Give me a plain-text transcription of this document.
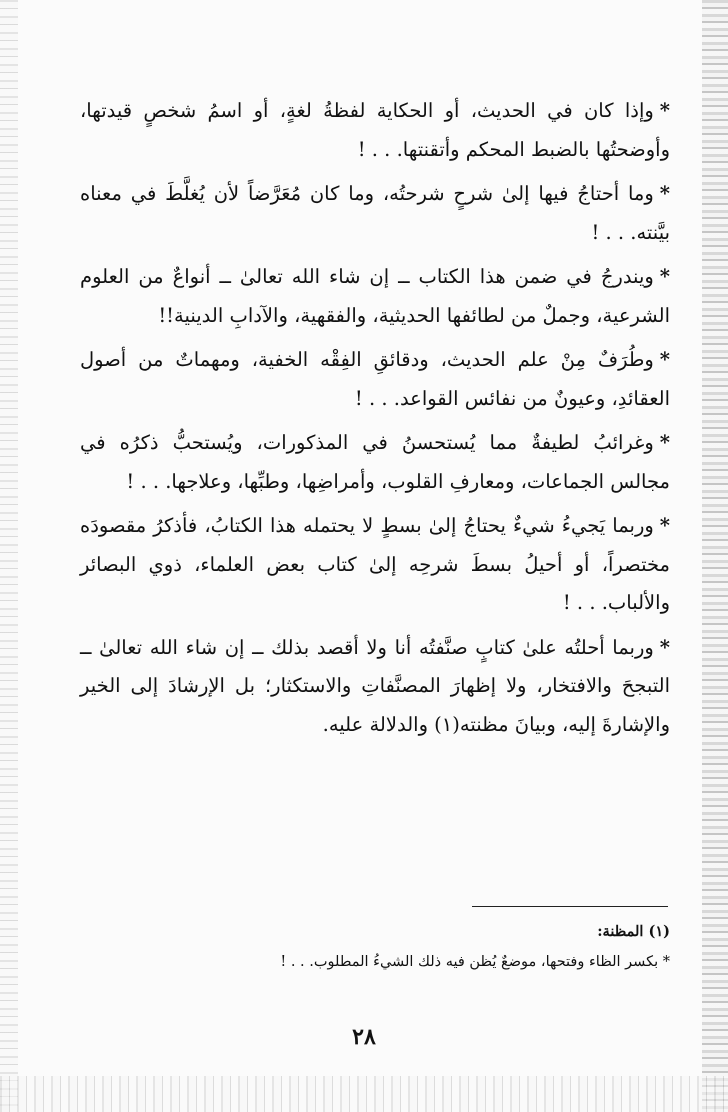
*وإذا كان في الحديث، أو الحكاية لفظةُ لغةٍ، أو اسمُ شخصٍ قيدتها، وأوضحتُها بالضبط المحكم وأتقنتها. . . !

*وما أحتاجُ فيها إلىٰ شرحٍ شرحتُه، وما كان مُعَرَّضاً لأن يُغلَّطَ في معناه بيَّنته. . . !

*ويندرجُ في ضمن هذا الكتاب ــ إن شاء الله تعالىٰ ــ أنواعٌ من العلوم الشرعية، وجملٌ من لطائفها الحديثية، والفقهية، والآدابِ الدينية!!

*وطُرَفٌ مِنْ علم الحديث، ودقائقِ الفِقْه الخفية، ومهماتٌ من أصول العقائدِ، وعيونٌ من نفائس القواعد. . . !

*وغرائبُ لطيفةٌ مما يُستحسنُ في المذكورات، ويُستحبُّ ذكرُه في مجالس الجماعات، ومعارفِ القلوب، وأمراضِها، وطبِّها، وعلاجها. . . !

*وربما يَجيءُ شيءٌ يحتاجُ إلىٰ بسطٍ لا يحتمله هذا الكتابُ، فأذكرُ مقصودَه مختصراً، أو أحيلُ بسطَ شرحِه إلىٰ كتاب بعض العلماء، ذوي البصائر والألباب. . . !

*وربما أحلتُه علىٰ كتابٍ صنَّفتُه أنا ولا أقصد بذلك ــ إن شاء الله تعالىٰ ــ التبجحَ والافتخار، ولا إظهارَ المصنَّفاتِ والاستكثار؛ بل الإرشادَ إلى الخير والإشارةَ إليه، وبيانَ مظنته(١) والدلالة عليه.

(١) المظنة:
* بكسر الظاء وفتحها، موضعٌ يُظن فيه ذلك الشيءُ المطلوب. . . !
٢٨
